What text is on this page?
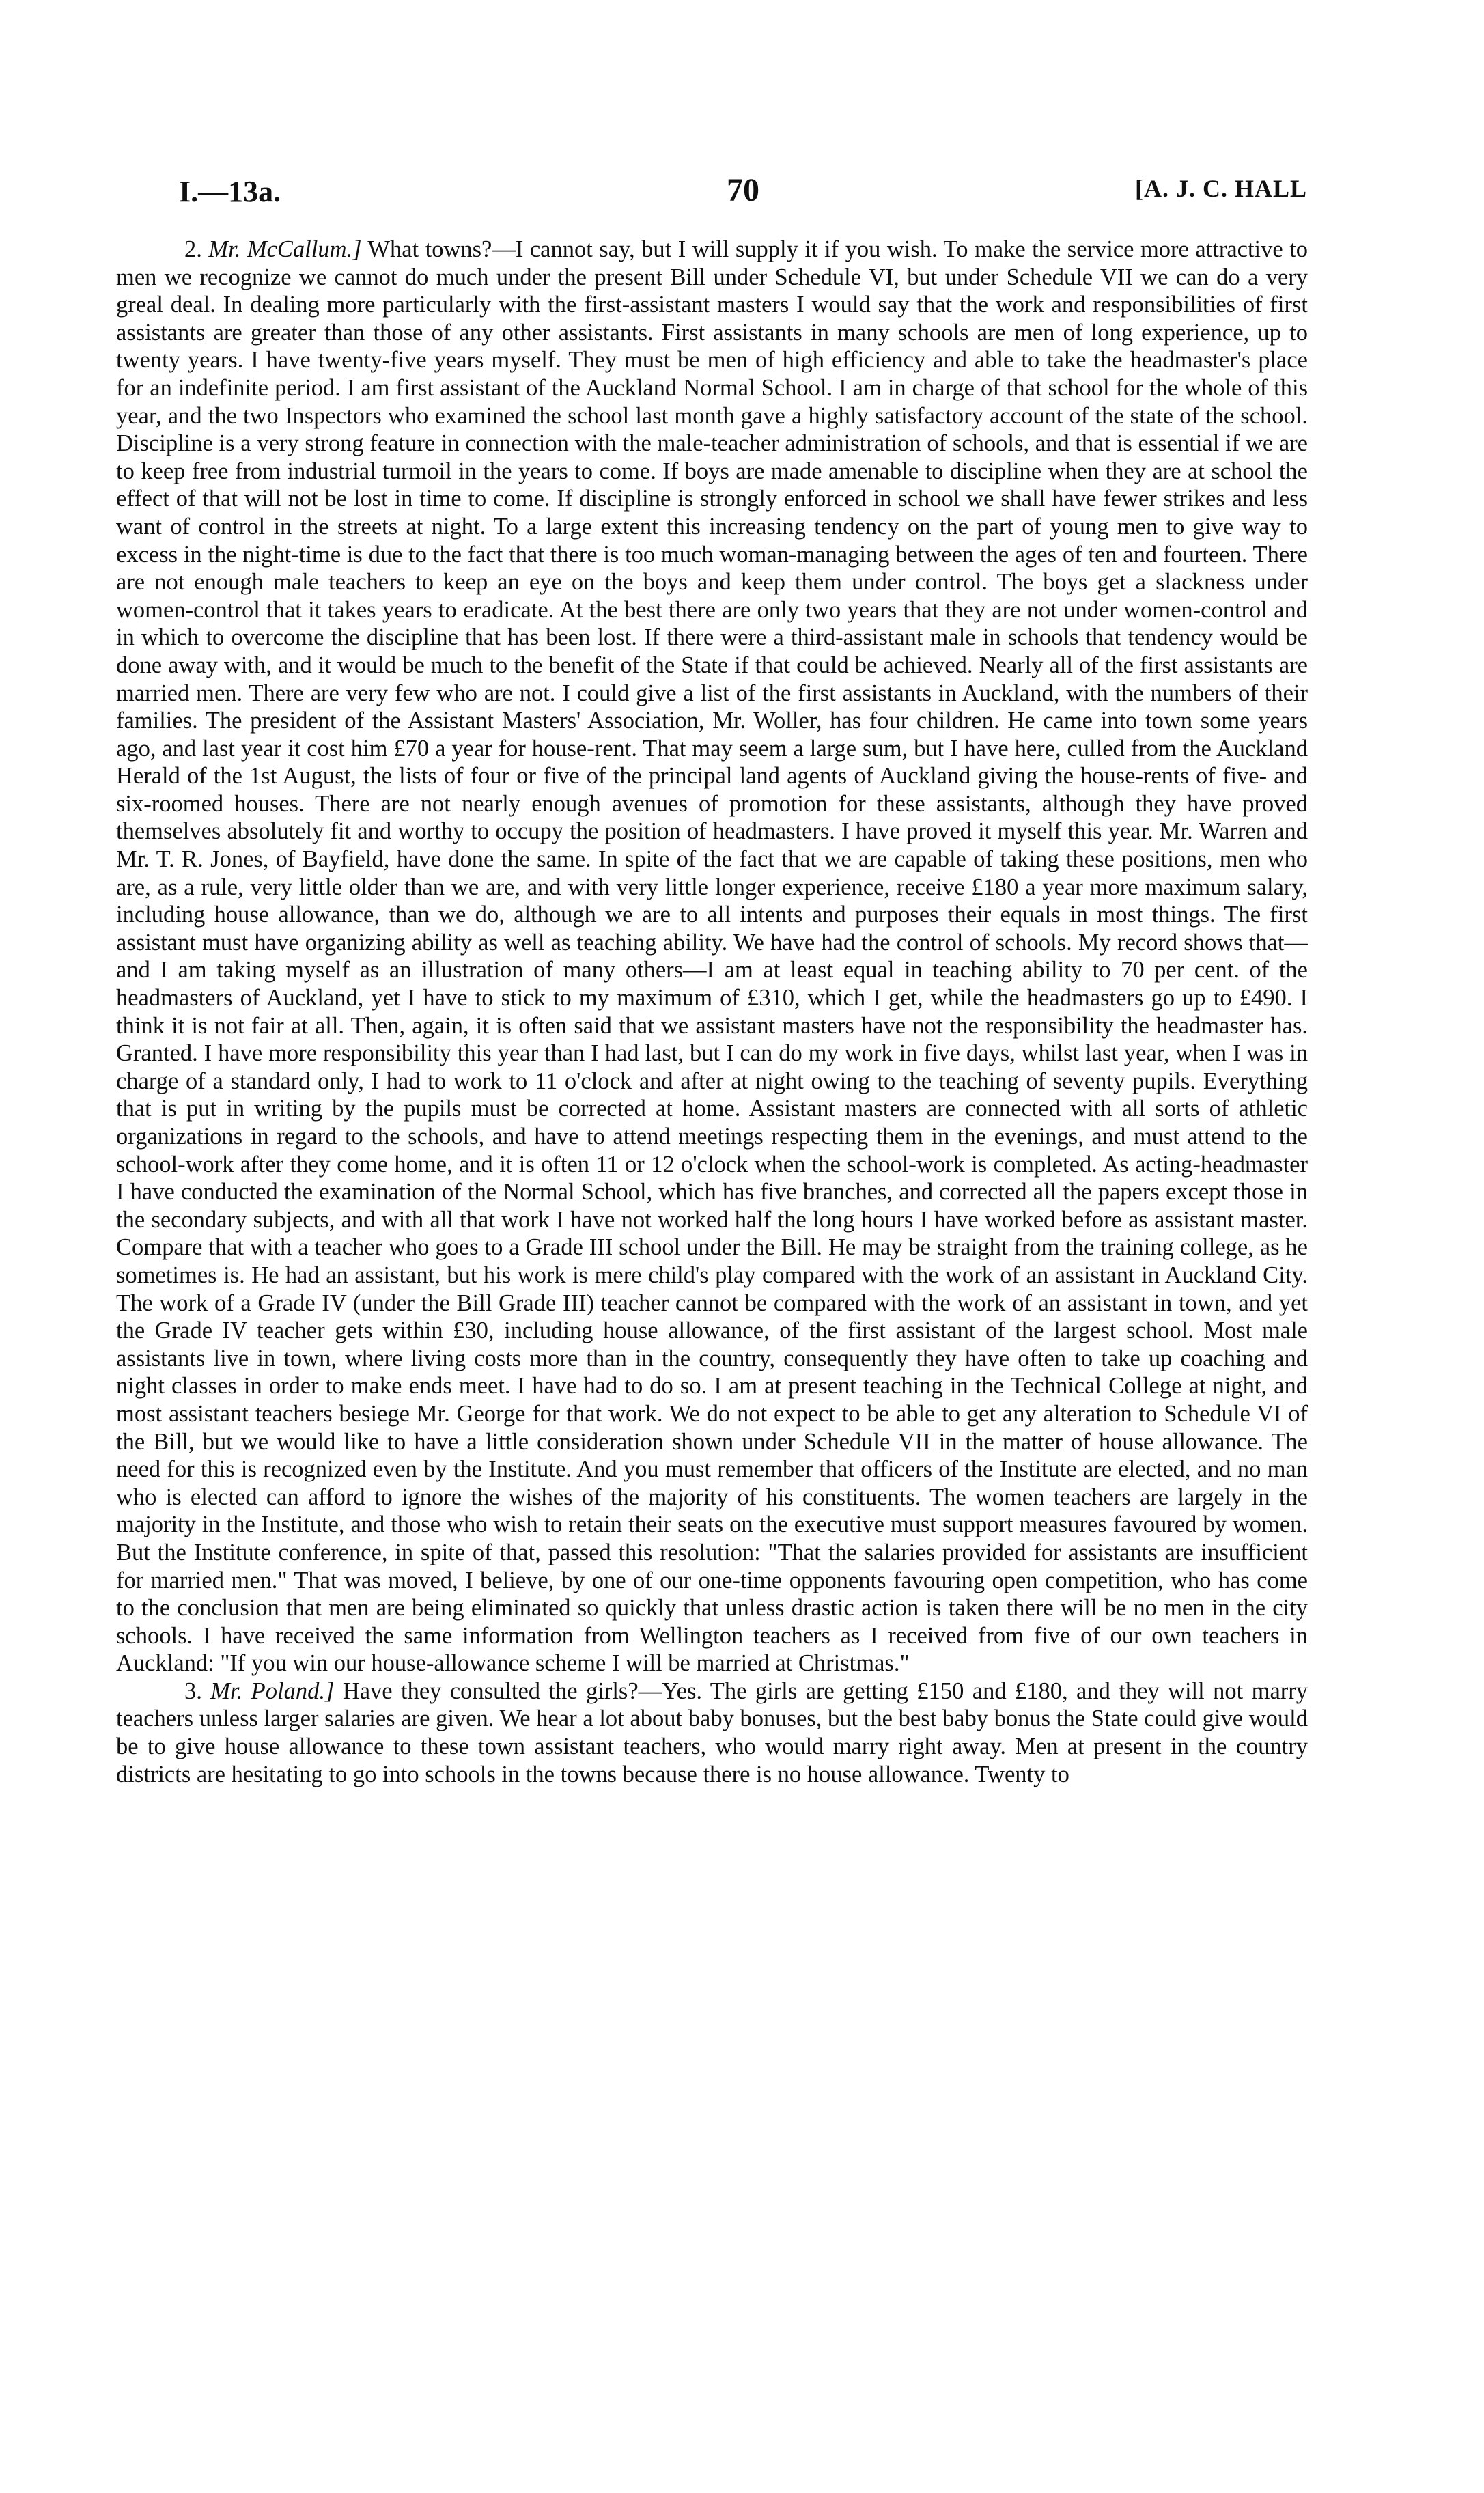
I.—13a.	70	[A. J. C. HALL

2. Mr. McCallum.] What towns?—I cannot say, but I will supply it if you wish. To make the service more attractive to men we recognize we cannot do much under the present Bill under Schedule VI, but under Schedule VII we can do a very greal deal. In dealing more particularly with the first-assistant masters I would say that the work and responsibilities of first assistants are greater than those of any other assistants. First assistants in many schools are men of long experience, up to twenty years. I have twenty-five years myself. They must be men of high efficiency and able to take the headmaster's place for an indefinite period. I am first assistant of the Auckland Normal School. I am in charge of that school for the whole of this year, and the two Inspectors who examined the school last month gave a highly satisfactory account of the state of the school. Discipline is a very strong feature in connection with the male-teacher administration of schools, and that is essential if we are to keep free from industrial turmoil in the years to come. If boys are made amenable to discipline when they are at school the effect of that will not be lost in time to come. If discipline is strongly enforced in school we shall have fewer strikes and less want of control in the streets at night. To a large extent this increasing tendency on the part of young men to give way to excess in the night-time is due to the fact that there is too much woman-managing between the ages of ten and fourteen. There are not enough male teachers to keep an eye on the boys and keep them under control. The boys get a slackness under women-control that it takes years to eradicate. At the best there are only two years that they are not under women-control and in which to overcome the discipline that has been lost. If there were a third-assistant male in schools that tendency would be done away with, and it would be much to the benefit of the State if that could be achieved. Nearly all of the first assistants are married men. There are very few who are not. I could give a list of the first assistants in Auckland, with the numbers of their families. The president of the Assistant Masters' Association, Mr. Woller, has four children. He came into town some years ago, and last year it cost him £70 a year for house-rent. That may seem a large sum, but I have here, culled from the Auckland Herald of the 1st August, the lists of four or five of the principal land agents of Auckland giving the house-rents of five- and six-roomed houses. There are not nearly enough avenues of promotion for these assistants, although they have proved themselves absolutely fit and worthy to occupy the position of headmasters. I have proved it myself this year. Mr. Warren and Mr. T. R. Jones, of Bayfield, have done the same. In spite of the fact that we are capable of taking these positions, men who are, as a rule, very little older than we are, and with very little longer experience, receive £180 a year more maximum salary, including house allowance, than we do, although we are to all intents and purposes their equals in most things. The first assistant must have organizing ability as well as teaching ability. We have had the control of schools. My record shows that—and I am taking myself as an illustration of many others—I am at least equal in teaching ability to 70 per cent. of the headmasters of Auckland, yet I have to stick to my maximum of £310, which I get, while the headmasters go up to £490. I think it is not fair at all. Then, again, it is often said that we assistant masters have not the responsibility the headmaster has. Granted. I have more responsibility this year than I had last, but I can do my work in five days, whilst last year, when I was in charge of a standard only, I had to work to 11 o'clock and after at night owing to the teaching of seventy pupils. Everything that is put in writing by the pupils must be corrected at home. Assistant masters are connected with all sorts of athletic organizations in regard to the schools, and have to attend meetings respecting them in the evenings, and must attend to the school-work after they come home, and it is often 11 or 12 o'clock when the school-work is completed. As acting-headmaster I have conducted the examination of the Normal School, which has five branches, and corrected all the papers except those in the secondary subjects, and with all that work I have not worked half the long hours I have worked before as assistant master. Compare that with a teacher who goes to a Grade III school under the Bill. He may be straight from the training college, as he sometimes is. He had an assistant, but his work is mere child's play compared with the work of an assistant in Auckland City. The work of a Grade IV (under the Bill Grade III) teacher cannot be compared with the work of an assistant in town, and yet the Grade IV teacher gets within £30, including house allowance, of the first assistant of the largest school. Most male assistants live in town, where living costs more than in the country, consequently they have often to take up coaching and night classes in order to make ends meet. I have had to do so. I am at present teaching in the Technical College at night, and most assistant teachers besiege Mr. George for that work. We do not expect to be able to get any alteration to Schedule VI of the Bill, but we would like to have a little consideration shown under Schedule VII in the matter of house allowance. The need for this is recognized even by the Institute. And you must remember that officers of the Institute are elected, and no man who is elected can afford to ignore the wishes of the majority of his constituents. The women teachers are largely in the majority in the Institute, and those who wish to retain their seats on the executive must support measures favoured by women. But the Institute conference, in spite of that, passed this resolution: "That the salaries provided for assistants are insufficient for married men." That was moved, I believe, by one of our one-time opponents favouring open competition, who has come to the conclusion that men are being eliminated so quickly that unless drastic action is taken there will be no men in the city schools. I have received the same information from Wellington teachers as I received from five of our own teachers in Auckland: "If you win our house-allowance scheme I will be married at Christmas."

3. Mr. Poland.] Have they consulted the girls?—Yes. The girls are getting £150 and £180, and they will not marry teachers unless larger salaries are given. We hear a lot about baby bonuses, but the best baby bonus the State could give would be to give house allowance to these town assistant teachers, who would marry right away. Men at present in the country districts are hesitating to go into schools in the towns because there is no house allowance. Twenty to
